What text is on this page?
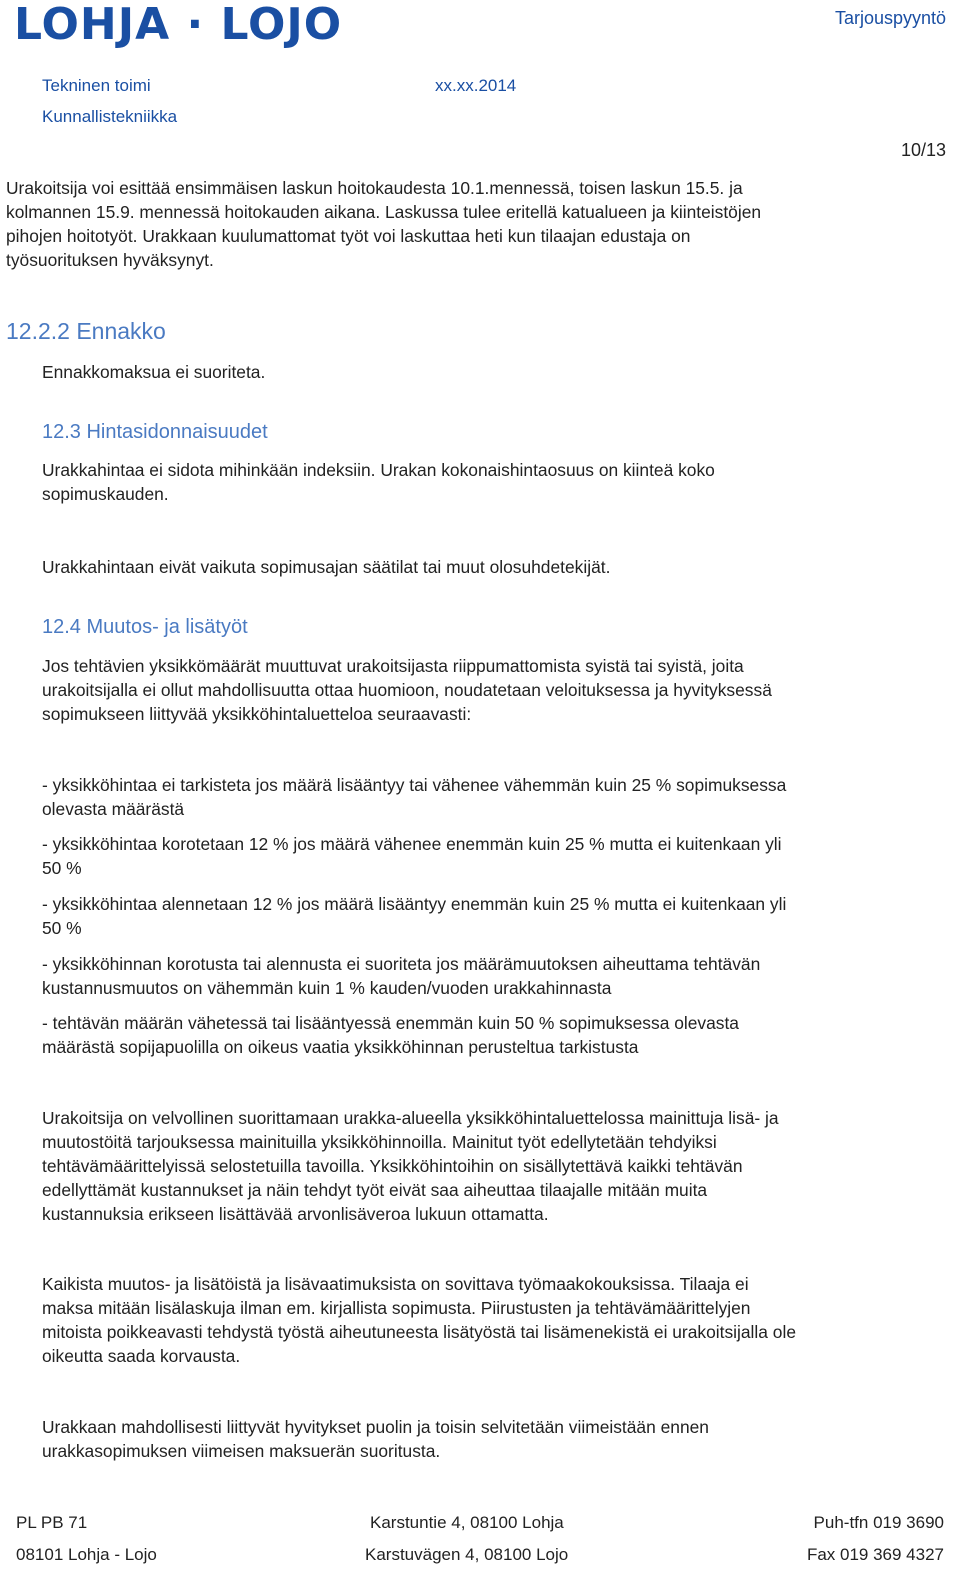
LOHJA · LOJO	Tarjouspyyntö
Tekninen toimi	xx.xx.2014
Kunnallistekniikka
10/13
Urakoitsija voi esittää ensimmäisen laskun hoitokaudesta 10.1.mennessä, toisen laskun 15.5. ja
kolmannen 15.9. mennessä hoitokauden aikana. Laskussa tulee eritellä katualueen ja kiinteistöjen
pihojen hoitotyöt. Urakkaan kuulumattomat työt voi laskuttaa heti kun tilaajan edustaja on
työsuorituksen hyväksynyt.
12.2.2 Ennakko
Ennakkomaksua ei suoriteta.
12.3 Hintasidonnaisuudet
Urakkahintaa ei sidota mihinkään indeksiin. Urakan kokonaishintaosuus on kiinteä koko
sopimuskauden.
Urakkahintaan eivät vaikuta sopimusajan säätilat tai muut olosuhdetekijät.
12.4 Muutos- ja lisätyöt
Jos tehtävien yksikkömäärät muuttuvat urakoitsijasta riippumattomista syistä tai syistä, joita
urakoitsijalla ei ollut mahdollisuutta ottaa huomioon, noudatetaan veloituksessa ja hyvityksessä
sopimukseen liittyvää yksikköhintaluetteloa seuraavasti:
- yksikköhintaa ei tarkisteta jos määrä lisääntyy tai vähenee vähemmän kuin 25 % sopimuksessa
olevasta määrästä
- yksikköhintaa korotetaan 12 % jos määrä vähenee enemmän kuin 25 % mutta ei kuitenkaan yli
50 %
- yksikköhintaa alennetaan 12 % jos määrä lisääntyy enemmän kuin 25 % mutta ei kuitenkaan yli
50 %
- yksikköhinnan korotusta tai alennusta ei suoriteta jos määrämuutoksen aiheuttama tehtävän
kustannusmuutos on vähemmän kuin 1 % kauden/vuoden urakkahinnasta
- tehtävän määrän vähetessä tai lisääntyessä enemmän kuin 50 % sopimuksessa olevasta
määrästä sopijapuolilla on oikeus vaatia yksikköhinnan perusteltua tarkistusta
Urakoitsija on velvollinen suorittamaan urakka-alueella yksikköhintaluettelossa mainittuja lisä- ja
muutostöitä tarjouksessa mainituilla yksikköhinnoilla. Mainitut työt edellytetään tehdyiksi
tehtävämäärittelyissä selostetuilla tavoilla. Yksikköhintoihin on sisällytettävä kaikki tehtävän
edellyttämät kustannukset ja näin tehdyt työt eivät saa aiheuttaa tilaajalle mitään muita
kustannuksia erikseen lisättävää arvonlisäveroa lukuun ottamatta.
Kaikista muutos- ja lisätöistä ja lisävaatimuksista on sovittava työmaakokouksissa. Tilaaja ei
maksa mitään lisälaskuja ilman em. kirjallista sopimusta. Piirustusten ja tehtävämäärittelyjen
mitoista poikkeavasti tehdystä työstä aiheutuneesta lisätyöstä tai lisämenekistä ei urakoitsijalla ole
oikeutta saada korvausta.
Urakkaan mahdollisesti liittyvät hyvitykset puolin ja toisin selvitetään viimeistään ennen
urakkasopimuksen viimeisen maksuerän suoritusta.
PL PB 71
08101 Lohja - Lojo
Karstuntie 4, 08100 Lohja
Karstuvägen 4, 08100 Lojo
Puh-tfn 019 3690
Fax 019 369 4327
